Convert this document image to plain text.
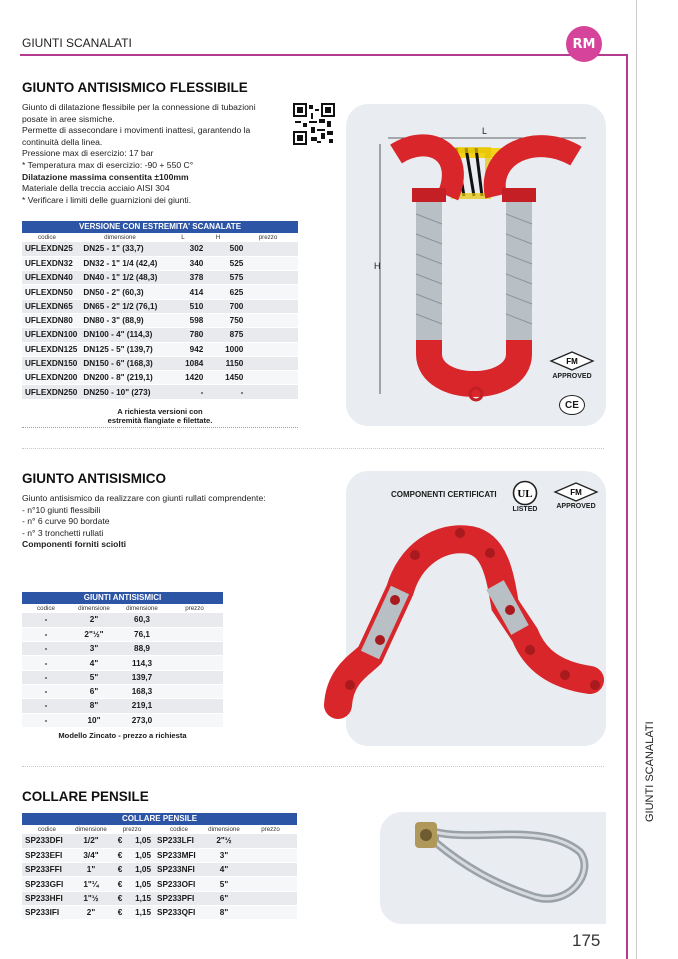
GIUNTI SCANALATI	RM
GIUNTI SCANALATI
175
GIUNTO ANTISISMICO FLESSIBILE

Giunto di dilatazione flessibile per la connessione di tubazioni posate in aree sismiche.

Permette di assecondare i movimenti inattesi, garantendo la continuità della linea.

Pressione max di esercizio: 17 bar

* Temperatura max di esercizio: -90 + 550 C°

Dilatazione massima consentita ±100mm

Materiale della treccia acciaio AISI 304

* Verificare i limiti delle guarnizioni dei giunti.

VERSIONE CON ESTREMITA' SCANALATE
codice	dimensione	L	H	prezzo
UFLEXDN25	DN25 - 1" (33,7)	302	500	
UFLEXDN32	DN32 - 1" 1/4 (42,4)	340	525	
UFLEXDN40	DN40 - 1" 1/2 (48,3)	378	575	
UFLEXDN50	DN50 - 2" (60,3)	414	625	
UFLEXDN65	DN65 - 2" 1/2 (76,1)	510	700	
UFLEXDN80	DN80 - 3" (88,9)	598	750	
UFLEXDN100	DN100 - 4" (114,3)	780	875	
UFLEXDN125	DN125 - 5" (139,7)	942	1000	
UFLEXDN150	DN150 - 6" (168,3)	1084	1150	
UFLEXDN200	DN200 - 8" (219,1)	1420	1450	
UFLEXDN250	DN250 - 10" (273)	-	-	
A richiesta versioni con
estremità flangiate e filettate.
L
H
FM
APPROVED
CE
GIUNTO ANTISISMICO

Giunto antisismico da realizzare con giunti rullati comprendente:

- n°10 giunti flessibili

- n° 6 curve 90 bordate

- n° 3 tronchetti rullati

Componenti forniti sciolti

GIUNTI ANTISISMICI
codice	dimensione	dimensione	prezzo
-	2"	60,3	
-	2"½"	76,1	
-	3"	88,9	
-	4"	114,3	
-	5"	139,7	
-	6"	168,3	
-	8"	219,1	
-	10"	273,0	
Modello Zincato - prezzo a richiesta
COMPONENTI CERTIFICATI UL
LISTED
FM
APPROVED
COLLARE PENSILE
COLLARE PENSILE
codice	dimensione	prezzo	codice	dimensione	prezzo
SP233DFI	1/2"	€	1,05	SP233LFI	2"½	
SP233EFI	3/4"	€	1,05	SP233MFI	3"	
SP233FFI	1"	€	1,05	SP233NFI	4"	
SP233GFI	1"¼	€	1,05	SP233OFI	5"	
SP233HFI	1"½	€	1,15	SP233PFI	6"	
SP233IFI	2"	€	1,15	SP233QFI	8"	
